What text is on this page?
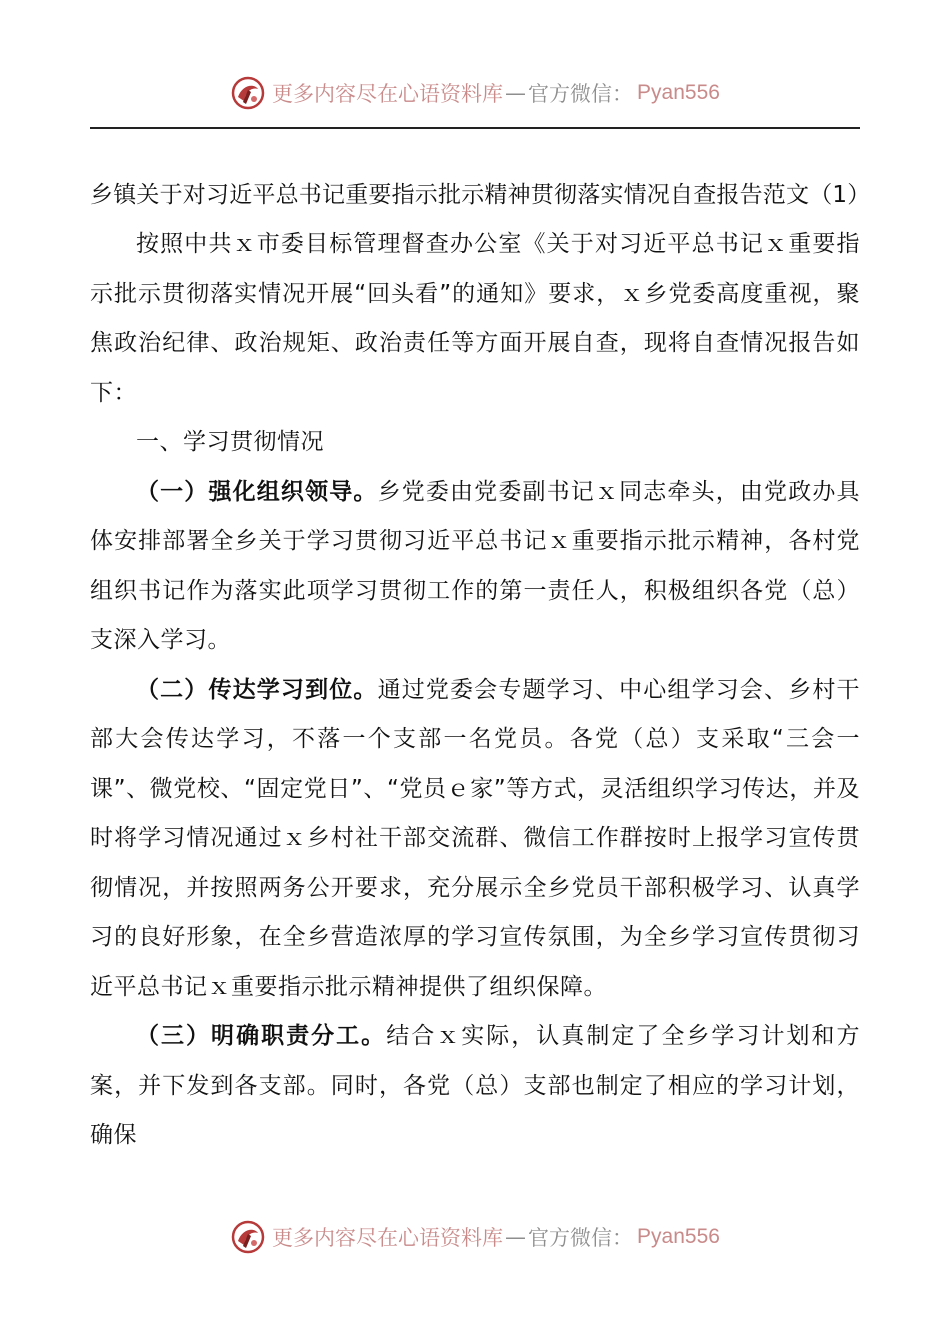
更多内容尽在心语资料库 — 官方微信： Pyan556

乡镇关于对习近平总书记重要指示批示精神贯彻落实情况自查报告范文（1）

按照中共ｘ市委目标管理督查办公室《关于对习近平总书记ｘ重要指示批示贯彻落实情况开展“回头看”的通知》要求，ｘ乡党委高度重视，聚焦政治纪律、政治规矩、政治责任等方面开展自查，现将自查情况报告如下：

一、学习贯彻情况

（一）强化组织领导。乡党委由党委副书记ｘ同志牵头，由党政办具体安排部署全乡关于学习贯彻习近平总书记ｘ重要指示批示精神，各村党组织书记作为落实此项学习贯彻工作的第一责任人，积极组织各党（总）支深入学习。

（二）传达学习到位。通过党委会专题学习、中心组学习会、乡村干部大会传达学习，不落一个支部一名党员。各党（总）支采取“三会一课”、微党校、“固定党日”、“党员ｅ家”等方式，灵活组织学习传达，并及时将学习情况通过ｘ乡村社干部交流群、微信工作群按时上报学习宣传贯彻情况，并按照两务公开要求，充分展示全乡党员干部积极学习、认真学习的良好形象，在全乡营造浓厚的学习宣传氛围，为全乡学习宣传贯彻习近平总书记ｘ重要指示批示精神提供了组织保障。

（三）明确职责分工。结合ｘ实际，认真制定了全乡学习计划和方案，并下发到各支部。同时，各党（总）支部也制定了相应的学习计划，确保

更多内容尽在心语资料库 — 官方微信： Pyan556
